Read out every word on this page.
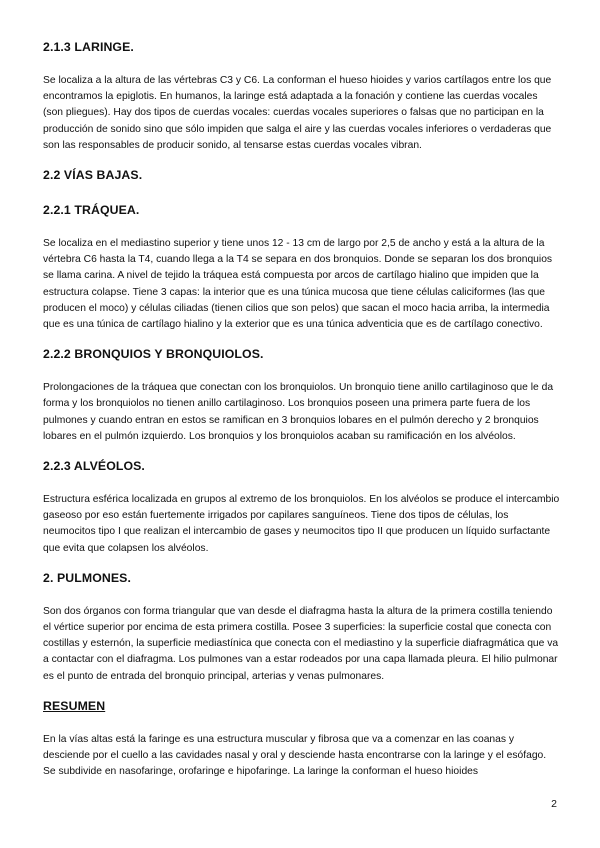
2.1.3 LARINGE.

Se localiza a la altura de las vértebras C3 y C6. La conforman el hueso hioides y varios cartílagos entre los que encontramos la epiglotis. En humanos, la laringe está adaptada a la fonación y contiene las cuerdas vocales (son pliegues). Hay dos tipos de cuerdas vocales: cuerdas vocales superiores o falsas que no participan en la producción de sonido sino que sólo impiden que salga el aire y las cuerdas vocales inferiores o verdaderas que son las responsables de producir sonido, al tensarse estas cuerdas vocales vibran.

2.2 VÍAS BAJAS.
2.2.1 TRÁQUEA.

Se localiza en el mediastino superior y tiene unos 12 - 13 cm de largo por 2,5 de ancho y está a la altura de la vértebra C6 hasta la T4, cuando llega a la T4 se separa en dos bronquios. Donde se separan los dos bronquios se llama carina. A nivel de tejido la tráquea está compuesta por arcos de cartílago hialino que impiden que la estructura colapse. Tiene 3 capas: la interior que es una túnica mucosa que tiene células caliciformes (las que producen el moco) y células ciliadas (tienen cilios que son pelos) que sacan el moco hacia arriba, la intermedia que es una túnica de cartílago hialino y la exterior que es una túnica adventicia que es de cartílago conectivo.

2.2.2 BRONQUIOS Y BRONQUIOLOS.

Prolongaciones de la tráquea que conectan con los bronquiolos. Un bronquio tiene anillo cartilaginoso que le da forma y los bronquiolos no tienen anillo cartilaginoso. Los bronquios poseen una primera parte fuera de los pulmones y cuando entran en estos se ramifican en 3 bronquios lobares en el pulmón derecho y 2 bronquios lobares en el pulmón izquierdo. Los bronquios y los bronquiolos acaban su ramificación en los alvéolos.

2.2.3 ALVÉOLOS.

Estructura esférica localizada en grupos al extremo de los bronquiolos. En los alvéolos se produce el intercambio gaseoso por eso están fuertemente irrigados por capilares sanguíneos. Tiene dos tipos de células, los neumocitos tipo I que realizan el intercambio de gases y neumocitos tipo II que producen un líquido surfactante que evita que colapsen los alvéolos.

2. PULMONES.

Son dos órganos con forma triangular que van desde el diafragma hasta la altura de la primera costilla teniendo el vértice superior por encima de esta primera costilla. Posee 3 superficies: la superficie costal que conecta con costillas y esternón, la superficie mediastínica que conecta con el mediastino y la superficie diafragmática que va a contactar con el diafragma. Los pulmones van a estar rodeados por una capa llamada pleura. El hilio pulmonar es el punto de entrada del bronquio principal, arterias y venas pulmonares.

RESUMEN

En la vías altas está la faringe es una estructura muscular y fibrosa que va a comenzar en las coanas y desciende por el cuello a las cavidades nasal y oral y desciende hasta encontrarse con la laringe y el esófago. Se subdivide en nasofaringe, orofaringe e hipofaringe. La laringe la conforman el hueso hioides

2
